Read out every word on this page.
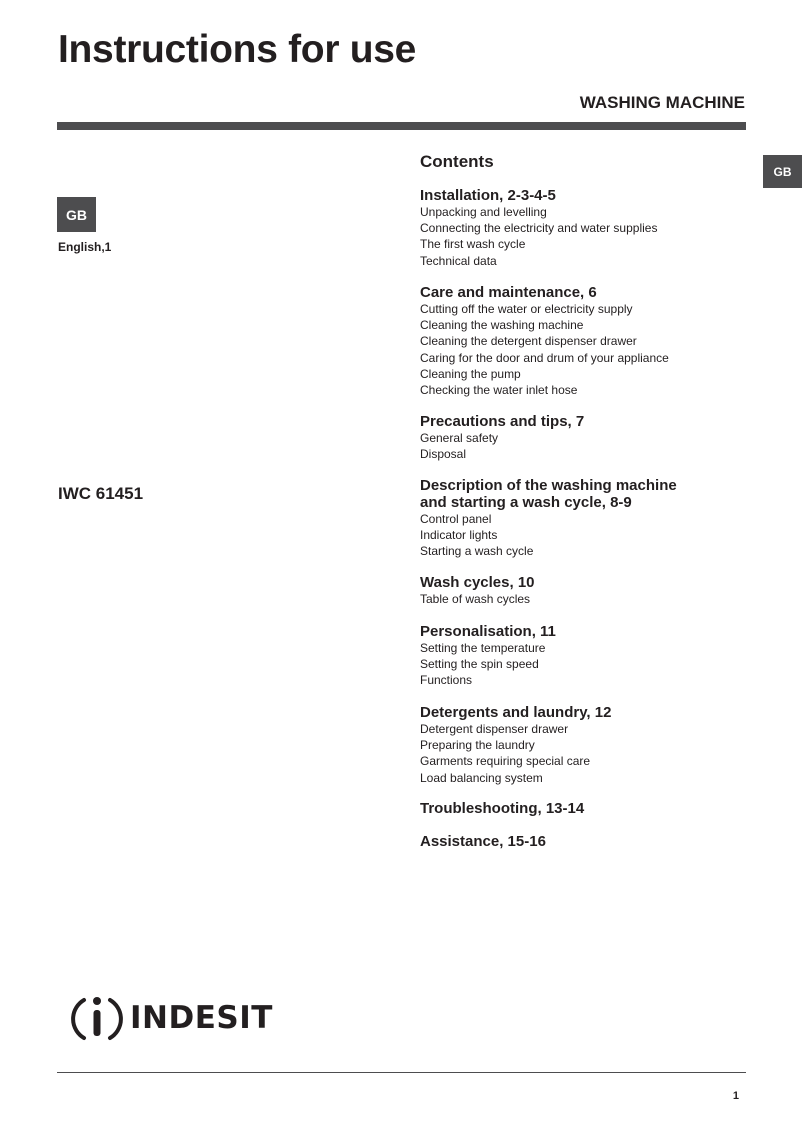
Instructions for use
WASHING MACHINE
GB
GB
English,1
IWC 61451
Contents
Installation, 2-3-4-5
Unpacking and levelling
Connecting the electricity and water supplies
The first wash cycle
Technical data
Care and maintenance, 6
Cutting off the water or electricity supply
Cleaning the washing machine
Cleaning the detergent dispenser drawer
Caring for the door and drum of your appliance
Cleaning the pump
Checking the water inlet hose
Precautions and tips, 7
General safety
Disposal
Description of the washing machine
and starting a wash cycle, 8-9
Control panel
Indicator lights
Starting a wash cycle
Wash cycles, 10
Table of wash cycles
Personalisation, 11
Setting the temperature
Setting the spin speed
Functions
Detergents and laundry, 12
Detergent dispenser drawer
Preparing the laundry
Garments requiring special care
Load balancing system
Troubleshooting, 13-14
Assistance, 15-16
INDESIT
1
